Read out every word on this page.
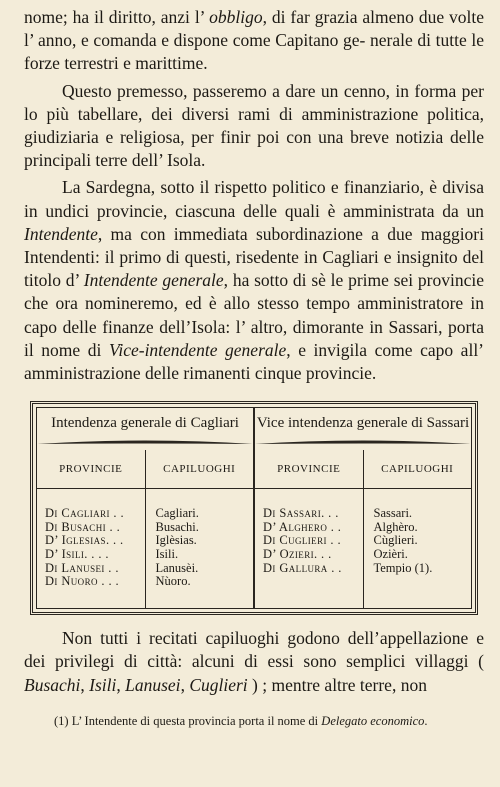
nome; ha il diritto, anzi l’ obbligo, di far grazia almeno due volte l’ anno, e comanda e dispone come Capitano ge- nerale di tutte le forze terrestri e marittime.

Questo premesso, passeremo a dare un cenno, in forma per lo più tabellare, dei diversi rami di amministrazione politica, giudiziaria e religiosa, per finir poi con una breve notizia delle principali terre dell’ Isola.

La Sardegna, sotto il rispetto politico e finanziario, è divisa in undici provincie, ciascuna delle quali è amministrata da un Intendente, ma con immediata subordinazione a due maggiori Intendenti: il primo di questi, risedente in Cagliari e insignito del titolo d’ Intendente generale, ha sotto di sè le prime sei provincie che ora nomineremo, ed è allo stesso tempo amministratore in capo delle finanze dell’Isola: l’ altro, dimorante in Sassari, porta il nome di Vice-intendente generale, e invigila come capo all’ amministrazione delle rimanenti cinque provincie.

Intendenza generale di Cagliari
PROVINCIE
Di Cagliari . .
Di Busachi . .
D’ Iglesias. . .
D’ Isili. . . .
Di Lanusei . .
Di Nuoro . . .
CAPILUOGHI
Cagliari.
Busachi.
Iglèsias.
Isili.
Lanusèi.
Nùoro.
Vice intendenza generale di Sassari
PROVINCIE
Di Sassari. . .
D’ Alghero . .
Di Cuglieri . .
D’ Ozieri. . .
Di Gallura . .
CAPILUOGHI
Sassari.
Alghèro.
Cùglieri.
Ozièri.
Tempio (1).

Non tutti i recitati capiluoghi godono dell’appellazione e dei privilegi di città: alcuni di essi sono semplici villaggi ( Busachi, Isili, Lanusei, Cuglieri ) ; mentre altre terre, non

(1) L’ Intendente di questa provincia porta il nome di Delegato economico.
